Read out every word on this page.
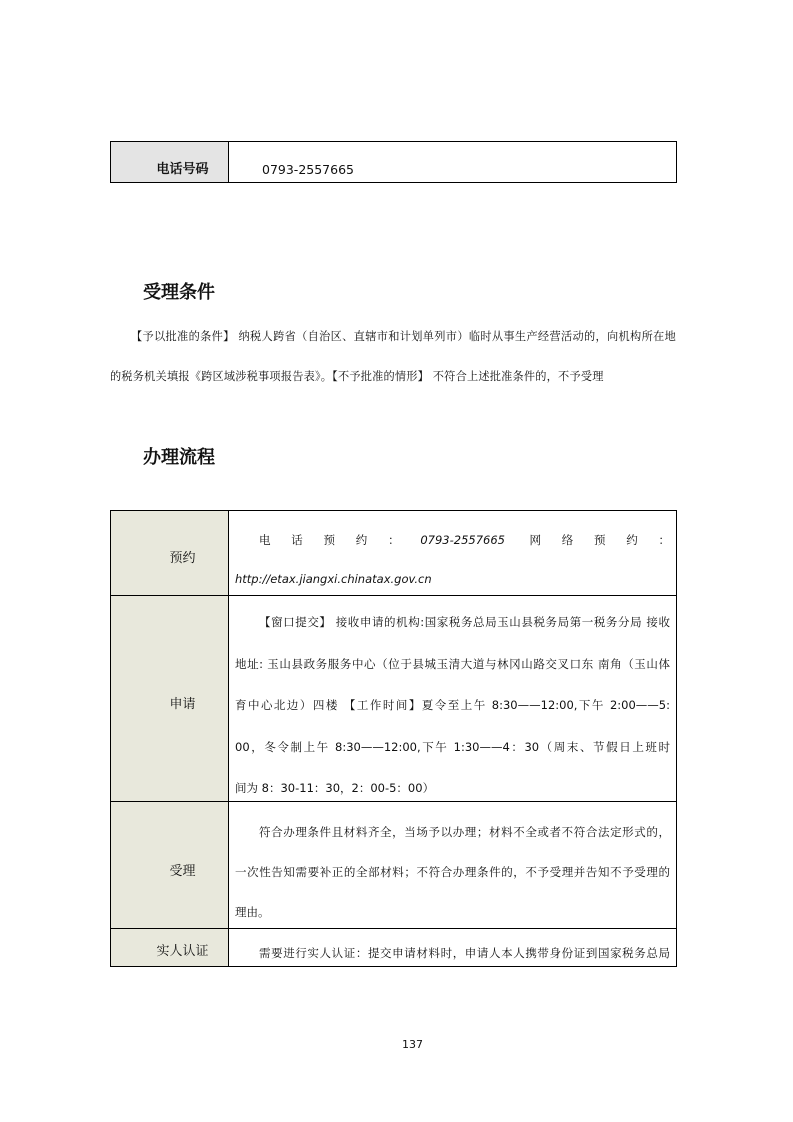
电话号码	0793-2557665
受理条件
【予以批准的条件】 纳税人跨省（自治区、直辖市和计划单列市）临时从事生产经营活动的，向机构所在地
的税务机关填报《跨区域涉税事项报告表》。【不予批准的情形】 不符合上述批准条件的，不予受理
办理流程
预约
电话预约：0793-2557665 网络预约：
http://etax.jiangxi.chinatax.gov.cn
申请
【窗口提交】 接收申请的机构:国家税务总局玉山县税务局第一税务分局 接收
地址: 玉山县政务服务中心（位于县城玉清大道与林冈山路交叉口东 南角（玉山体
育中心北边）四楼 【工作时间】夏令至上午 8:30——12:00,下午 2:00——5:
00，冬令制上午 8:30——12:00,下午 1:30——4：30（周末、节假日上班时
间为 8：30-11：30，2：00-5：00）
受理
符合办理条件且材料齐全，当场予以办理；材料不全或者不符合法定形式的，
一次性告知需要补正的全部材料；不符合办理条件的，不予受理并告知不予受理的
理由。
实人认证	需要进行实人认证：提交申请材料时，申请人本人携带身份证到国家税务总局
137
